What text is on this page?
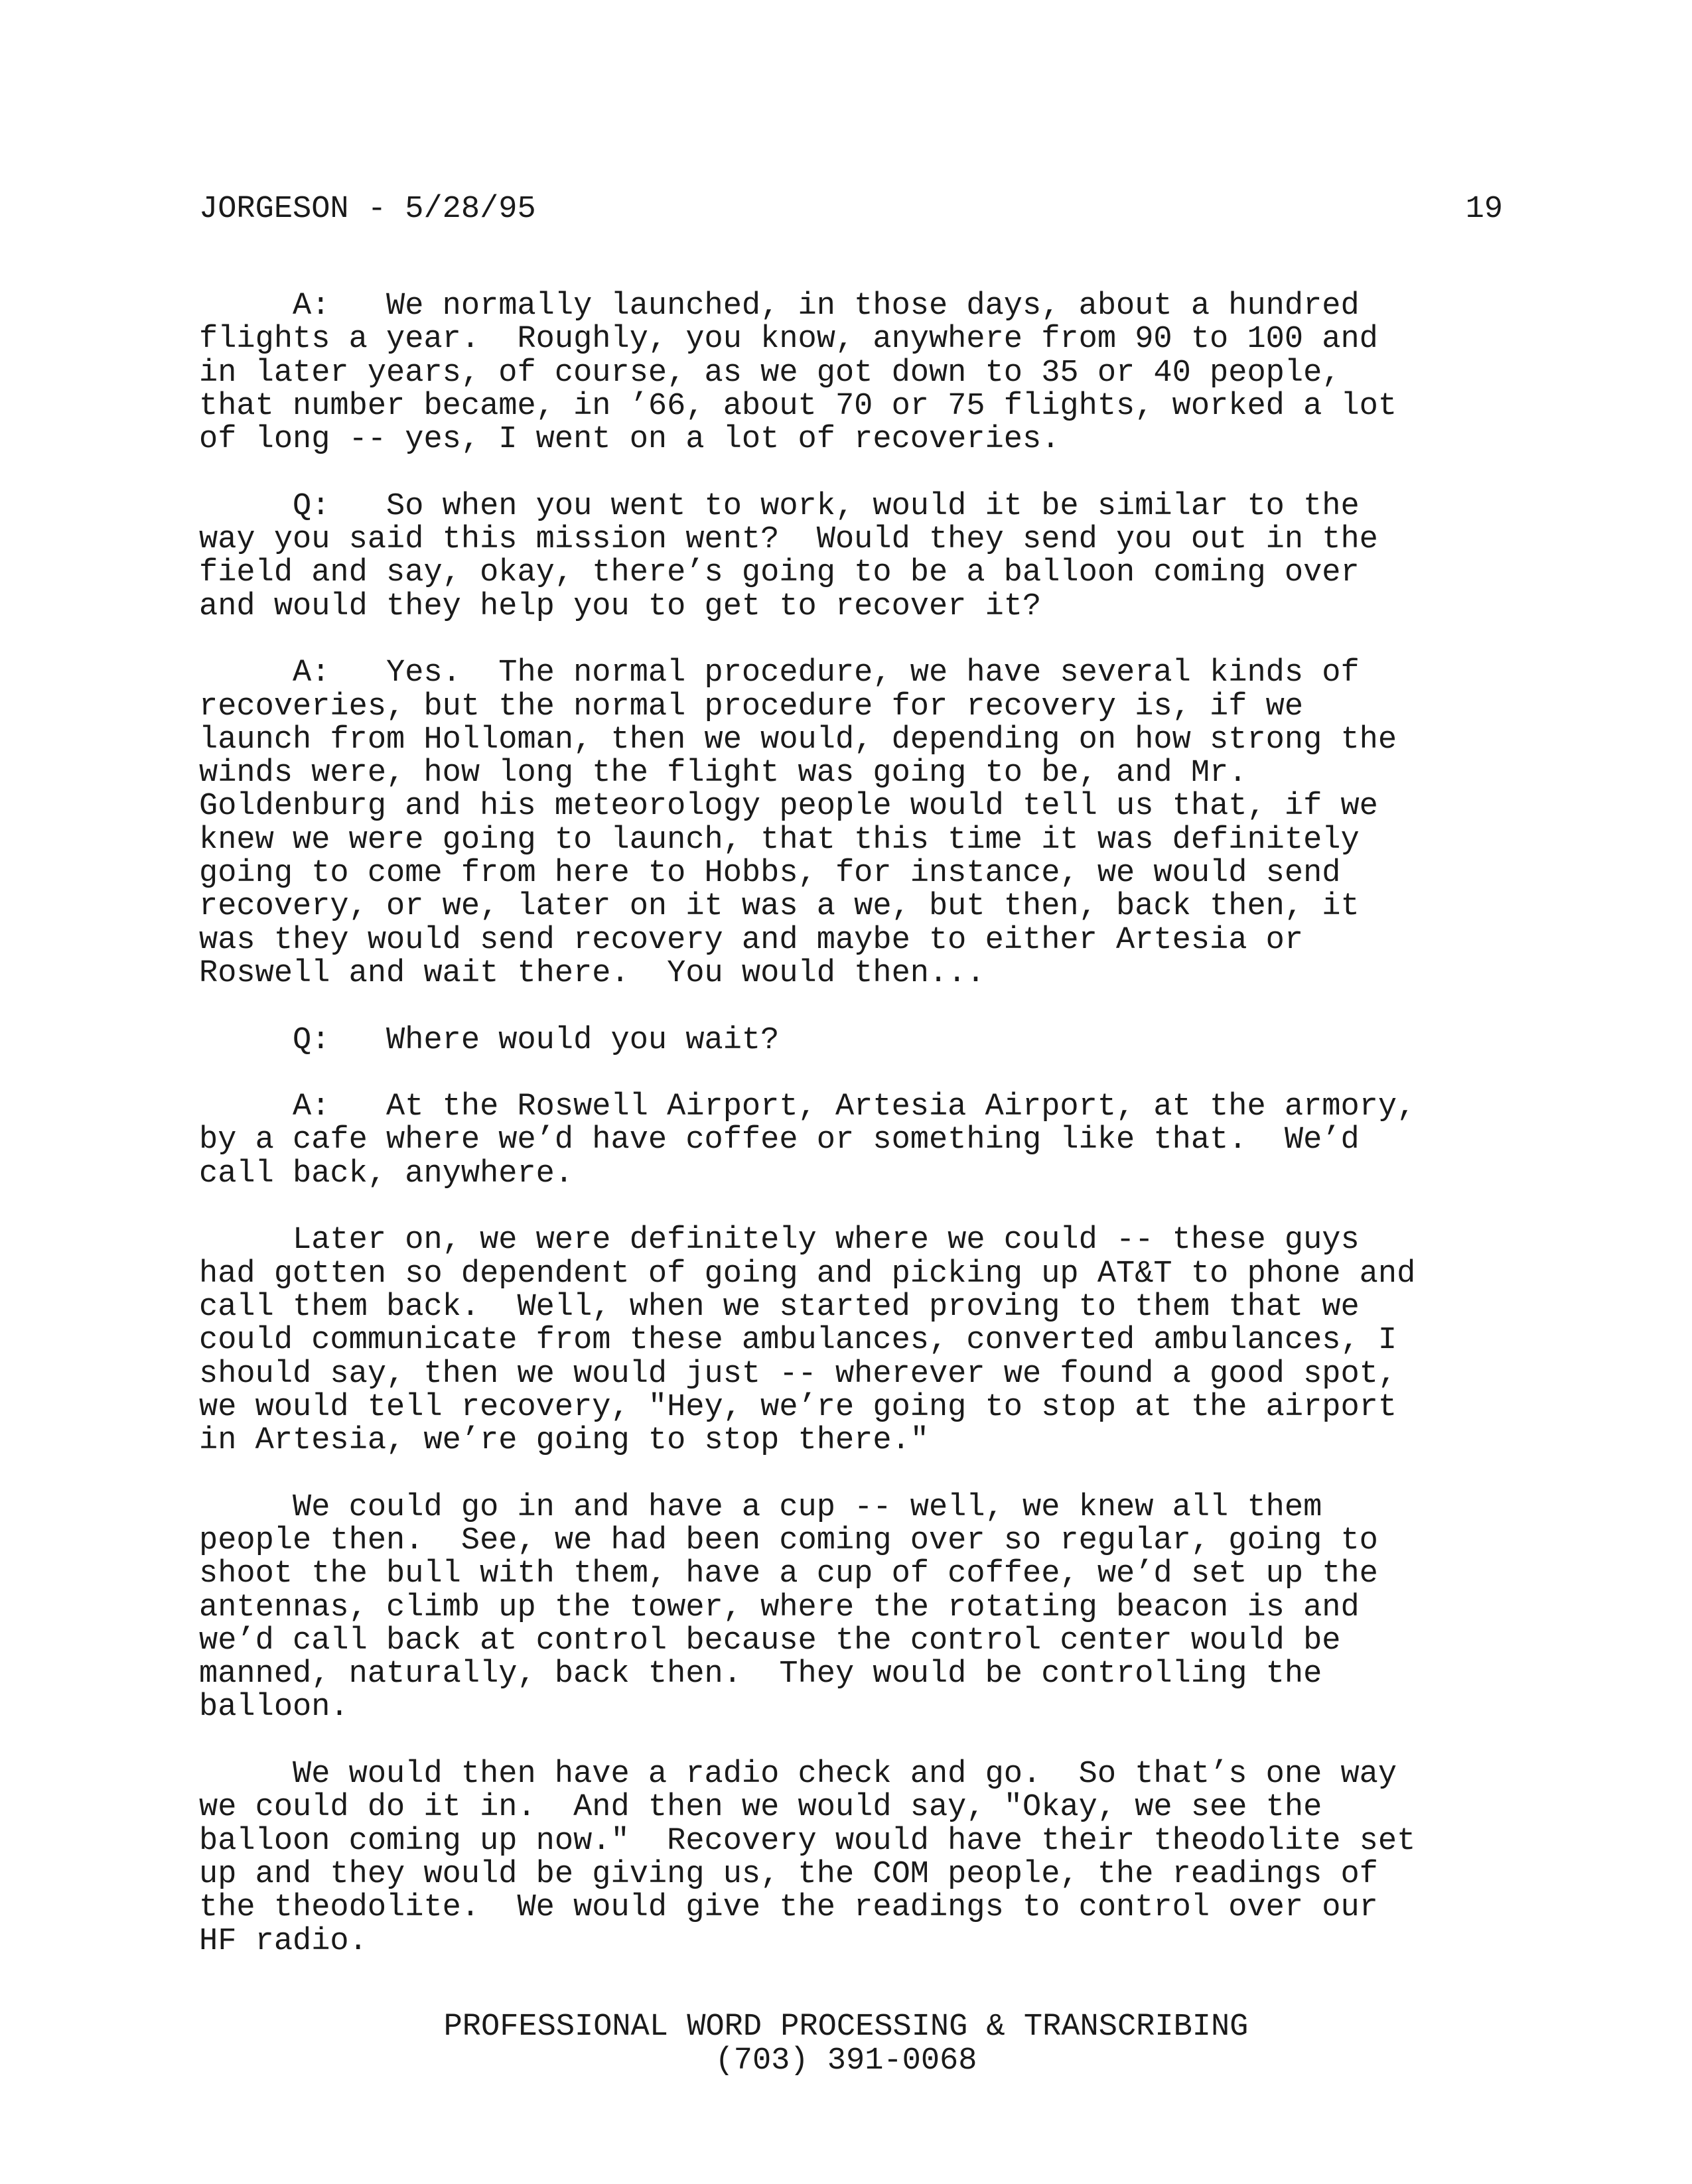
JORGESON - 5/28/95	19
A:   We normally launched, in those days, about a hundred
flights a year.  Roughly, you know, anywhere from 90 to 100 and
in later years, of course, as we got down to 35 or 40 people,
that number became, in ’66, about 70 or 75 flights, worked a lot
of long -- yes, I went on a lot of recoveries.
Q:   So when you went to work, would it be similar to the
way you said this mission went?  Would they send you out in the
field and say, okay, there’s going to be a balloon coming over
and would they help you to get to recover it?
A:   Yes.  The normal procedure, we have several kinds of
recoveries, but the normal procedure for recovery is, if we
launch from Holloman, then we would, depending on how strong the
winds were, how long the flight was going to be, and Mr.
Goldenburg and his meteorology people would tell us that, if we
knew we were going to launch, that this time it was definitely
going to come from here to Hobbs, for instance, we would send
recovery, or we, later on it was a we, but then, back then, it
was they would send recovery and maybe to either Artesia or
Roswell and wait there.  You would then...
Q:   Where would you wait?
A:   At the Roswell Airport, Artesia Airport, at the armory,
by a cafe where we’d have coffee or something like that.  We’d
call back, anywhere.
Later on, we were definitely where we could -- these guys
had gotten so dependent of going and picking up AT&T to phone and
call them back.  Well, when we started proving to them that we
could communicate from these ambulances, converted ambulances, I
should say, then we would just -- wherever we found a good spot,
we would tell recovery, "Hey, we’re going to stop at the airport
in Artesia, we’re going to stop there."
We could go in and have a cup -- well, we knew all them
people then.  See, we had been coming over so regular, going to
shoot the bull with them, have a cup of coffee, we’d set up the
antennas, climb up the tower, where the rotating beacon is and
we’d call back at control because the control center would be
manned, naturally, back then.  They would be controlling the
balloon.
We would then have a radio check and go.  So that’s one way
we could do it in.  And then we would say, "Okay, we see the
balloon coming up now."  Recovery would have their theodolite set
up and they would be giving us, the COM people, the readings of
the theodolite.  We would give the readings to control over our
HF radio.
PROFESSIONAL WORD PROCESSING & TRANSCRIBING
(703) 391-0068
